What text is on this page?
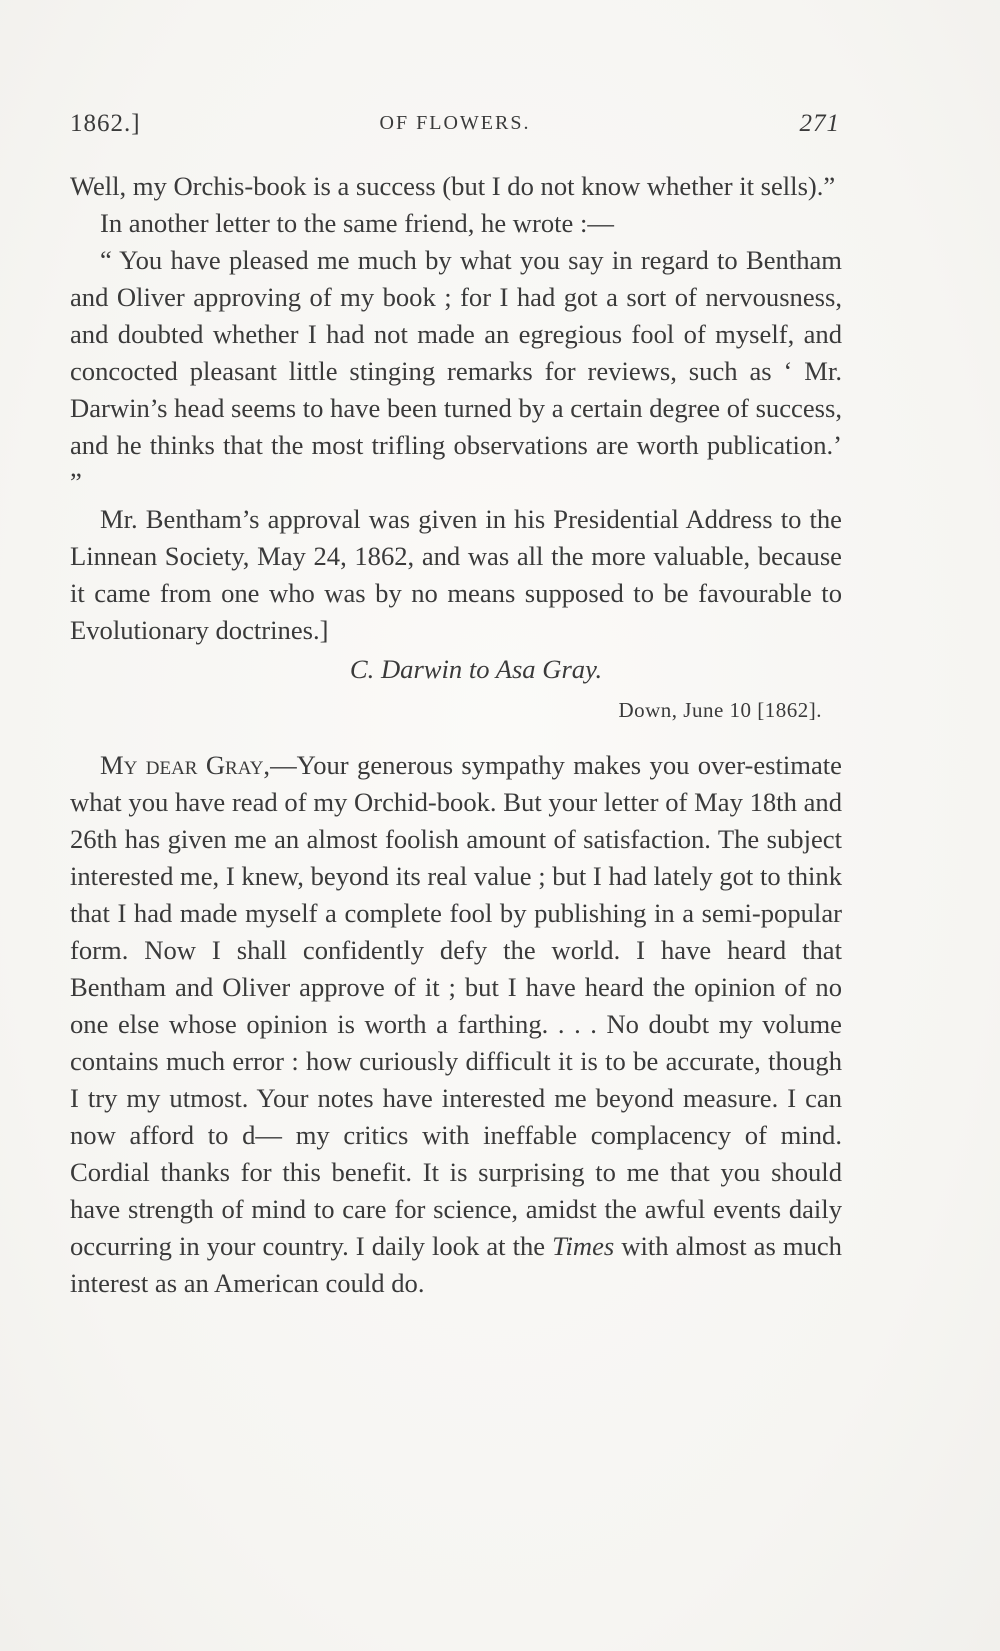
1862.]	OF FLOWERS.	271

Well, my Orchis-book is a success (but I do not know whether it sells).”

In another letter to the same friend, he wrote :—

“ You have pleased me much by what you say in regard to Bentham and Oliver approving of my book ; for I had got a sort of nervousness, and doubted whether I had not made an egregious fool of myself, and concocted pleasant little stinging remarks for reviews, such as ‘ Mr. Darwin’s head seems to have been turned by a certain degree of success, and he thinks that the most trifling observations are worth publication.’ ”

Mr. Bentham’s approval was given in his Presidential Address to the Linnean Society, May 24, 1862, and was all the more valuable, because it came from one who was by no means supposed to be favourable to Evolutionary doctrines.]

C. Darwin to Asa Gray.

Down, June 10 [1862].

My dear Gray,—Your generous sympathy makes you over-estimate what you have read of my Orchid-book. But your letter of May 18th and 26th has given me an almost foolish amount of satisfaction. The subject interested me, I knew, beyond its real value ; but I had lately got to think that I had made myself a complete fool by publishing in a semi-popular form. Now I shall confidently defy the world. I have heard that Bentham and Oliver approve of it ; but I have heard the opinion of no one else whose opinion is worth a farthing. . . . No doubt my volume contains much error : how curiously difficult it is to be accurate, though I try my utmost. Your notes have interested me beyond measure. I can now afford to d— my critics with ineffable complacency of mind. Cordial thanks for this benefit. It is surprising to me that you should have strength of mind to care for science, amidst the awful events daily occurring in your country. I daily look at the Times with almost as much interest as an American could do.
